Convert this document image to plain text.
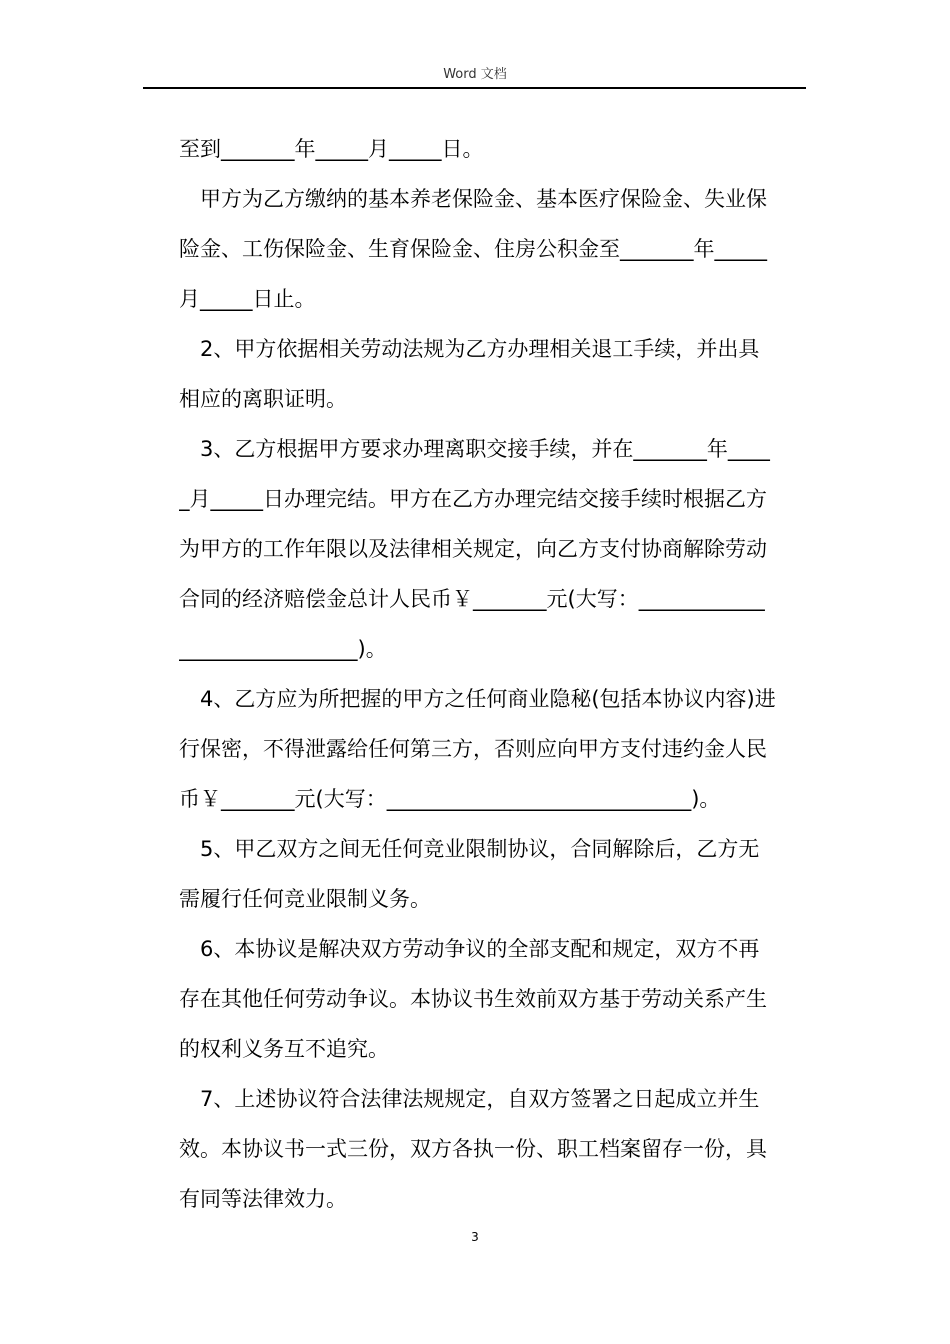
Word 文档
至到_______年_____月_____日。
甲方为乙方缴纳的基本养老保险金、基本医疗保险金、失业保
险金、工伤保险金、生育保险金、住房公积金至_______年_____
月_____日止。
2、甲方依据相关劳动法规为乙方办理相关退工手续，并出具
相应的离职证明。
3、乙方根据甲方要求办理离职交接手续，并在_______年____
_月_____日办理完结。甲方在乙方办理完结交接手续时根据乙方
为甲方的工作年限以及法律相关规定，向乙方支付协商解除劳动
合同的经济赔偿金总计人民币￥_______元(大写：____________
_________________)。
4、乙方应为所把握的甲方之任何商业隐秘(包括本协议内容)进
行保密，不得泄露给任何第三方，否则应向甲方支付违约金人民
币￥_______元(大写：_____________________________)。
5、甲乙双方之间无任何竞业限制协议，合同解除后，乙方无
需履行任何竞业限制义务。
6、本协议是解决双方劳动争议的全部支配和规定，双方不再
存在其他任何劳动争议。本协议书生效前双方基于劳动关系产生
的权利义务互不追究。
7、上述协议符合法律法规规定，自双方签署之日起成立并生
效。本协议书一式三份，双方各执一份、职工档案留存一份，具
有同等法律效力。
3
